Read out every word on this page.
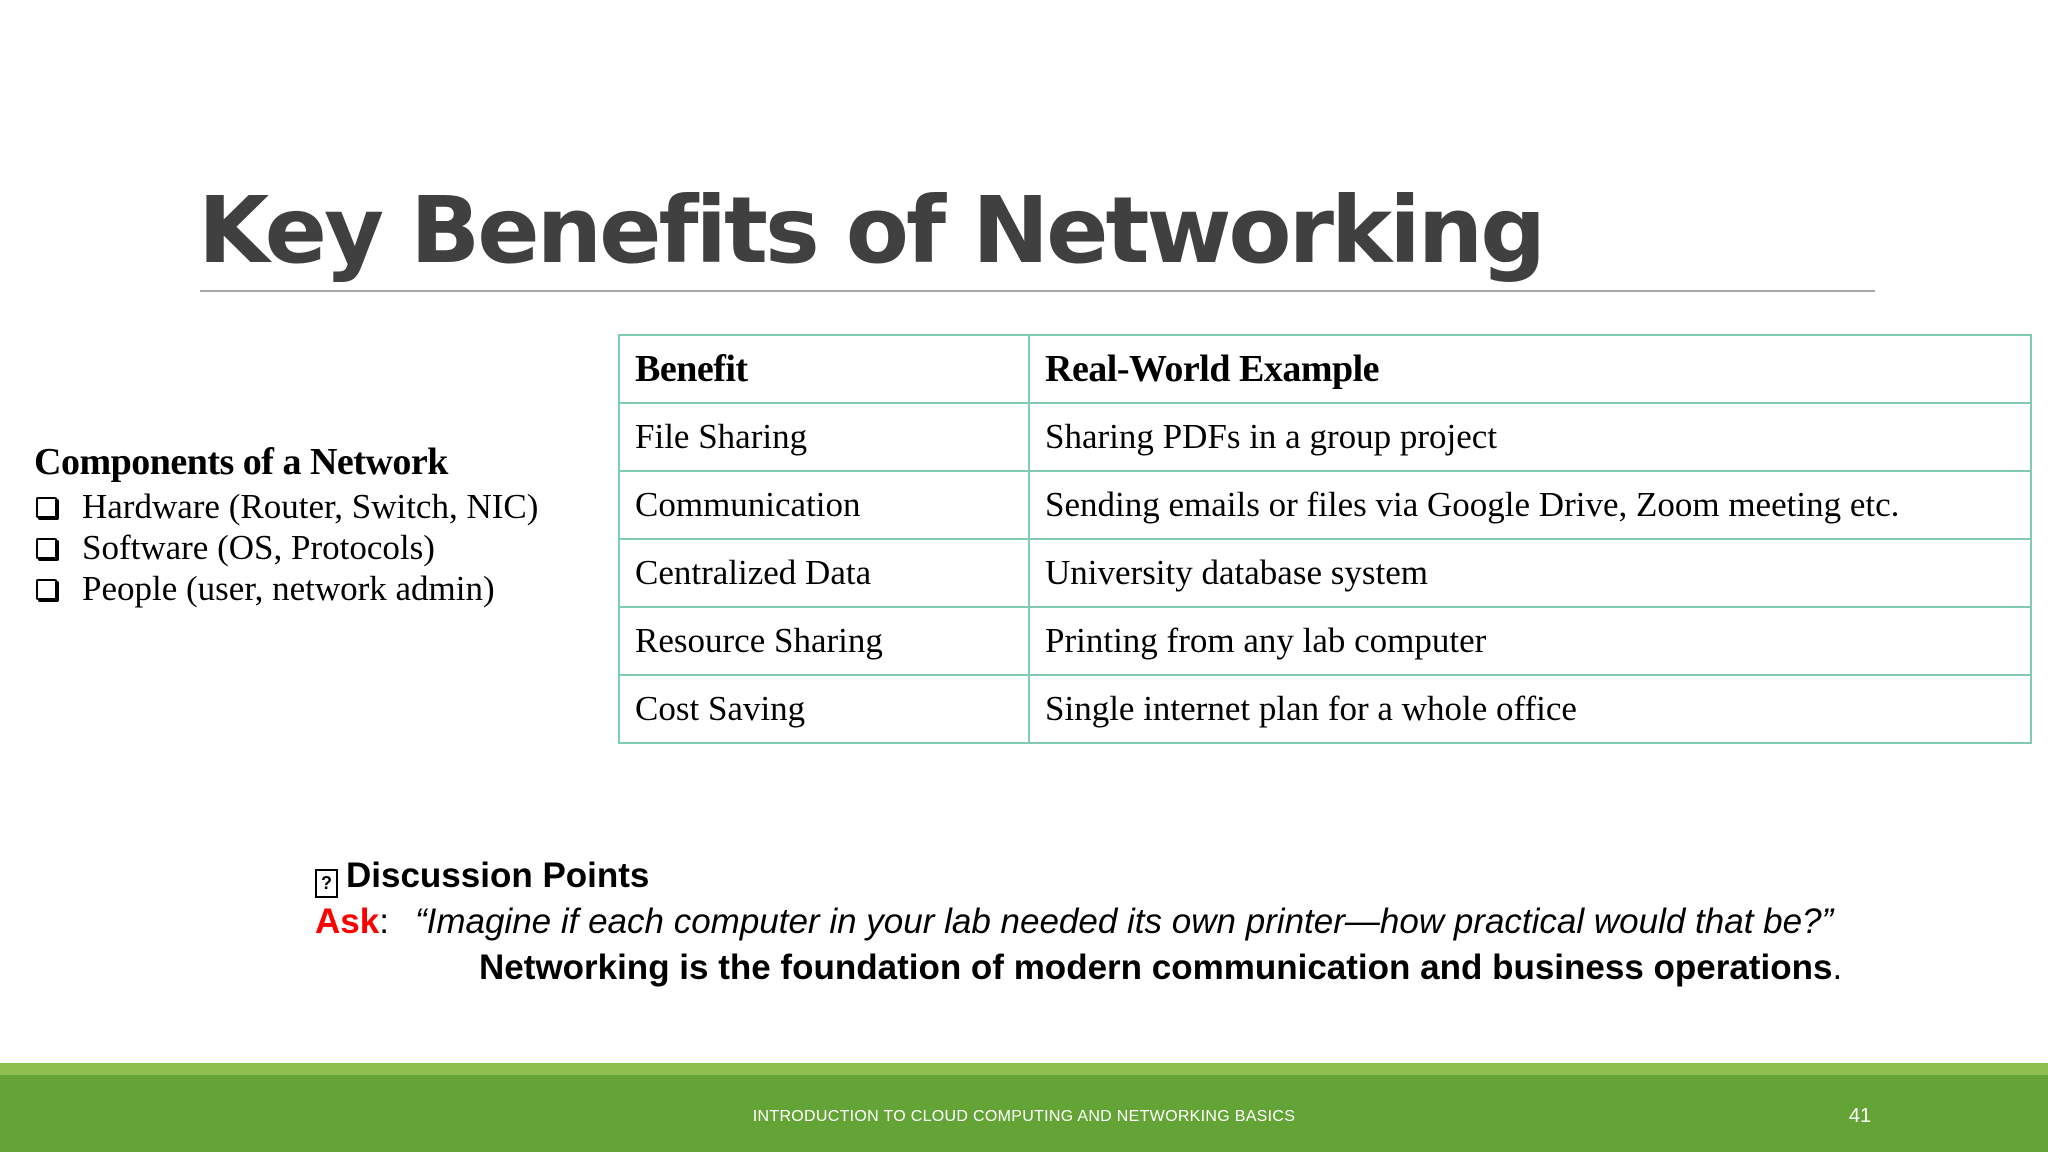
Key Benefits of Networking
Components of a Network
Hardware (Router, Switch, NIC)
Software (OS, Protocols)
People (user, network admin)
Benefit	Real-World Example
File Sharing	Sharing PDFs in a group project
Communication	Sending emails or files via Google Drive, Zoom meeting etc.
Centralized Data	University database system
Resource Sharing	Printing from any lab computer
Cost Saving	Single internet plan for a whole office
? Discussion Points
Ask: “Imagine if each computer in your lab needed its own printer—how practical would that be?”
Networking is the foundation of modern communication and business operations.
INTRODUCTION TO CLOUD COMPUTING AND NETWORKING BASICS	41
